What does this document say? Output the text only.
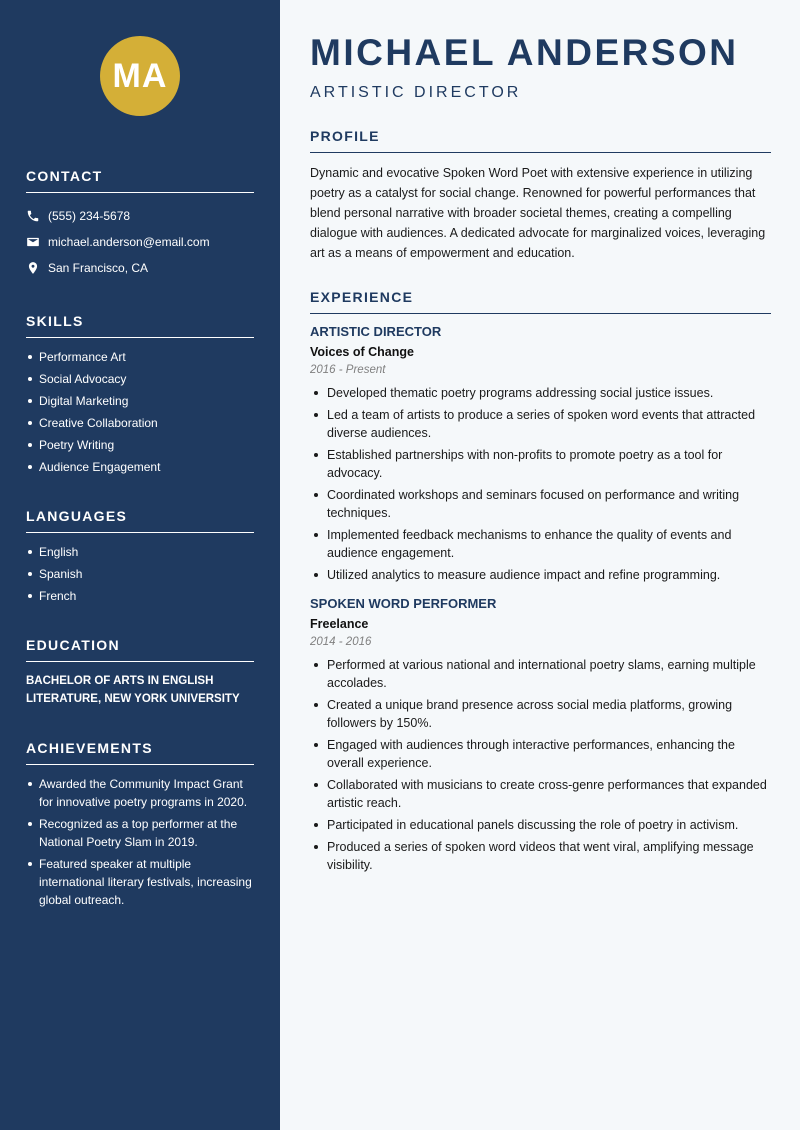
MA
CONTACT
(555) 234-5678
michael.anderson@email.com
San Francisco, CA
SKILLS
Performance Art
Social Advocacy
Digital Marketing
Creative Collaboration
Poetry Writing
Audience Engagement
LANGUAGES
English
Spanish
French
EDUCATION
BACHELOR OF ARTS IN ENGLISH LITERATURE, NEW YORK UNIVERSITY
ACHIEVEMENTS
Awarded the Community Impact Grant for innovative poetry programs in 2020.
Recognized as a top performer at the National Poetry Slam in 2019.
Featured speaker at multiple international literary festivals, increasing global outreach.
MICHAEL ANDERSON
ARTISTIC DIRECTOR
PROFILE

Dynamic and evocative Spoken Word Poet with extensive experience in utilizing poetry as a catalyst for social change. Renowned for powerful performances that blend personal narrative with broader societal themes, creating a compelling dialogue with audiences. A dedicated advocate for marginalized voices, leveraging art as a means of empowerment and education.

EXPERIENCE
ARTISTIC DIRECTOR
Voices of Change
2016 - Present
Developed thematic poetry programs addressing social justice issues.
Led a team of artists to produce a series of spoken word events that attracted diverse audiences.
Established partnerships with non-profits to promote poetry as a tool for advocacy.
Coordinated workshops and seminars focused on performance and writing techniques.
Implemented feedback mechanisms to enhance the quality of events and audience engagement.
Utilized analytics to measure audience impact and refine programming.
SPOKEN WORD PERFORMER
Freelance
2014 - 2016
Performed at various national and international poetry slams, earning multiple accolades.
Created a unique brand presence across social media platforms, growing followers by 150%.
Engaged with audiences through interactive performances, enhancing the overall experience.
Collaborated with musicians to create cross-genre performances that expanded artistic reach.
Participated in educational panels discussing the role of poetry in activism.
Produced a series of spoken word videos that went viral, amplifying message visibility.
